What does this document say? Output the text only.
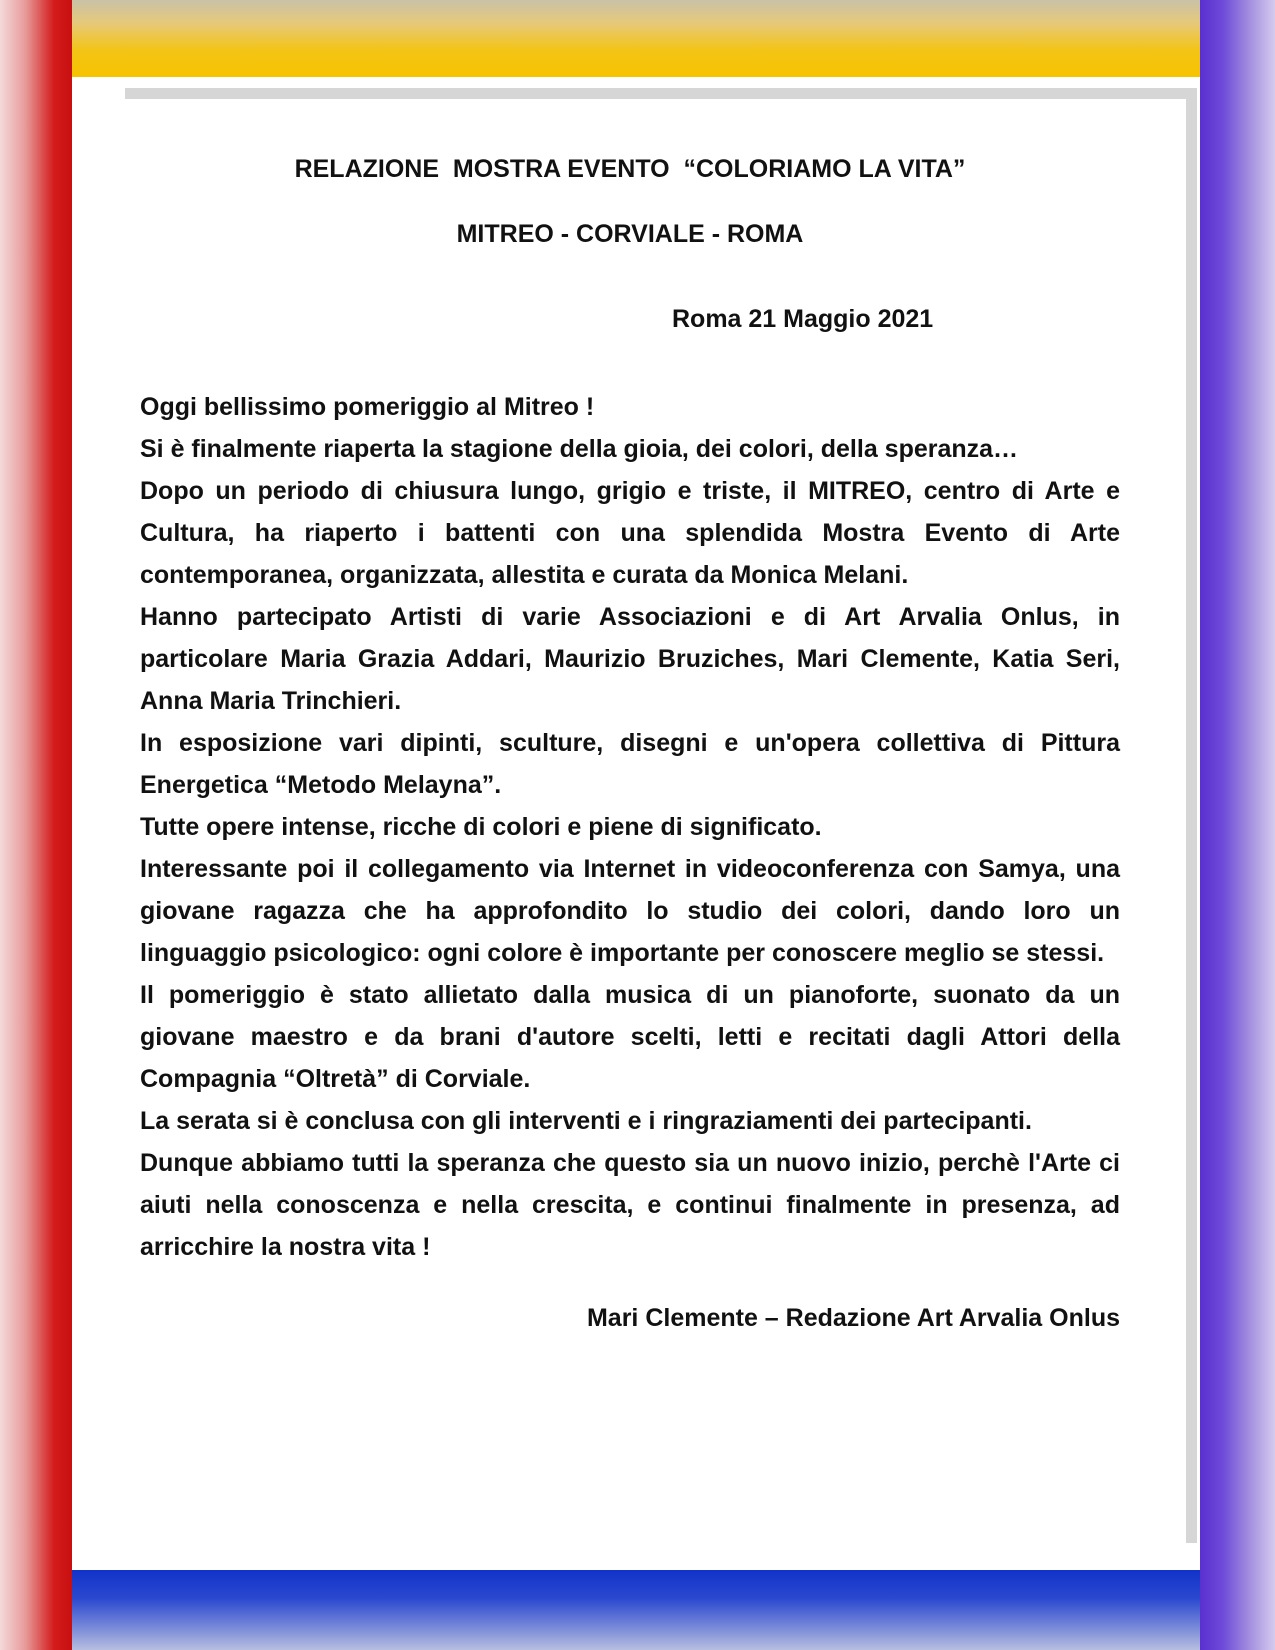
RELAZIONE  MOSTRA EVENTO  “COLORIAMO LA VITA”
MITREO - CORVIALE - ROMA
Roma 21 Maggio 2021

Oggi bellissimo pomeriggio al Mitreo !

Si è finalmente riaperta la stagione della gioia, dei colori, della speranza…

Dopo un periodo di chiusura lungo, grigio e triste, il MITREO, centro di Arte e Cultura, ha riaperto i battenti con una splendida Mostra Evento di Arte contemporanea, organizzata, allestita e curata da Monica Melani.

Hanno partecipato Artisti di varie Associazioni e di Art Arvalia Onlus, in particolare Maria Grazia Addari, Maurizio Bruziches, Mari Clemente, Katia Seri, Anna Maria Trinchieri.

In esposizione vari dipinti, sculture, disegni e un'opera collettiva di Pittura Energetica “Metodo Melayna”.

Tutte opere intense, ricche di colori e piene di significato.

Interessante poi il collegamento via Internet in videoconferenza con Samya, una giovane ragazza che ha approfondito lo studio dei colori, dando loro un linguaggio psicologico: ogni colore è importante per conoscere meglio se stessi.

Il pomeriggio è stato allietato dalla musica di un pianoforte, suonato da un giovane maestro e da brani d'autore scelti, letti e recitati dagli Attori della Compagnia “Oltretà” di Corviale.

La serata si è conclusa con gli interventi e i ringraziamenti dei partecipanti.

Dunque abbiamo tutti la speranza che questo sia un nuovo inizio, perchè l'Arte ci aiuti nella conoscenza e nella crescita, e continui finalmente in presenza, ad arricchire la nostra vita !

Mari Clemente – Redazione Art Arvalia Onlus
